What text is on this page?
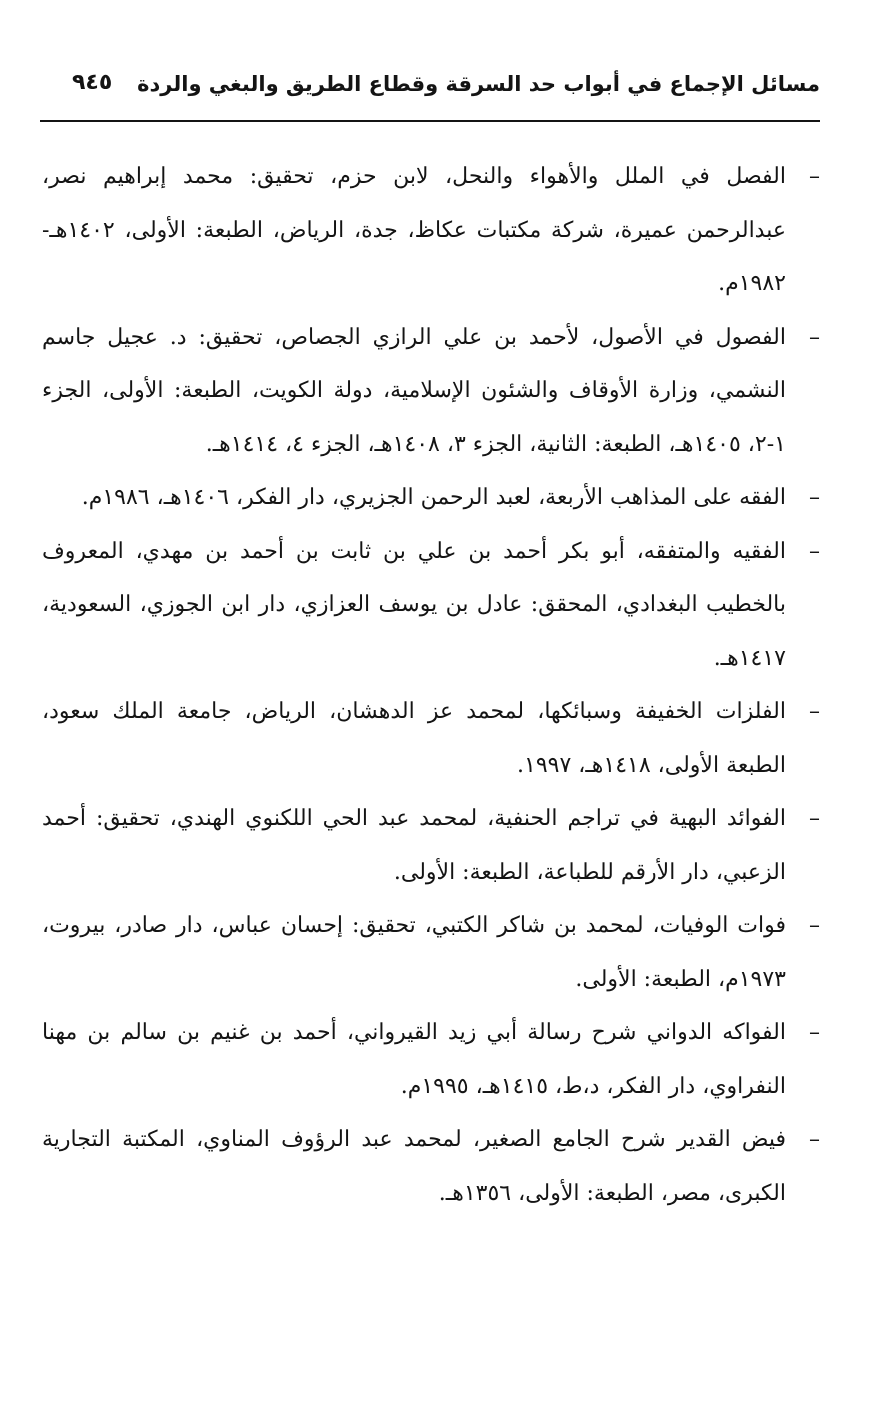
مسائل الإجماع في أبواب حد السرقة وقطاع الطريق والبغي والردة
٩٤٥
–
الفصل في الملل والأهواء والنحل، لابن حزم، تحقيق: محمد إبراهيم نصر، عبدالرحمن عميرة، شركة مكتبات عكاظ، جدة، الرياض، الطبعة: الأولى، ١٤٠٢هـ- ١٩٨٢م.
–
الفصول في الأصول، لأحمد بن علي الرازي الجصاص، تحقيق: د. عجيل جاسم النشمي، وزارة الأوقاف والشئون الإسلامية، دولة الكويت، الطبعة: الأولى، الجزء ١-٢، ١٤٠٥هـ، الطبعة: الثانية، الجزء ٣، ١٤٠٨هـ، الجزء ٤، ١٤١٤هـ.
–
الفقه على المذاهب الأربعة، لعبد الرحمن الجزيري، دار الفكر، ١٤٠٦هـ، ١٩٨٦م.
–
الفقيه والمتفقه، أبو بكر أحمد بن علي بن ثابت بن أحمد بن مهدي، المعروف بالخطيب البغدادي، المحقق: عادل بن يوسف العزازي، دار ابن الجوزي، السعودية، ١٤١٧هـ.
–
الفلزات الخفيفة وسبائكها، لمحمد عز الدهشان، الرياض، جامعة الملك سعود، الطبعة الأولى، ١٤١٨هـ، ١٩٩٧.
–
الفوائد البهية في تراجم الحنفية، لمحمد عبد الحي اللكنوي الهندي، تحقيق: أحمد الزعبي، دار الأرقم للطباعة، الطبعة: الأولى.
–
فوات الوفيات، لمحمد بن شاكر الكتبي، تحقيق: إحسان عباس، دار صادر، بيروت، ١٩٧٣م، الطبعة: الأولى.
–
الفواكه الدواني شرح رسالة أبي زيد القيرواني، أحمد بن غنيم بن سالم بن مهنا النفراوي، دار الفكر، د،ط، ١٤١٥هـ، ١٩٩٥م.
–
فيض القدير شرح الجامع الصغير، لمحمد عبد الرؤوف المناوي، المكتبة التجارية الكبرى، مصر، الطبعة: الأولى، ١٣٥٦هـ.
